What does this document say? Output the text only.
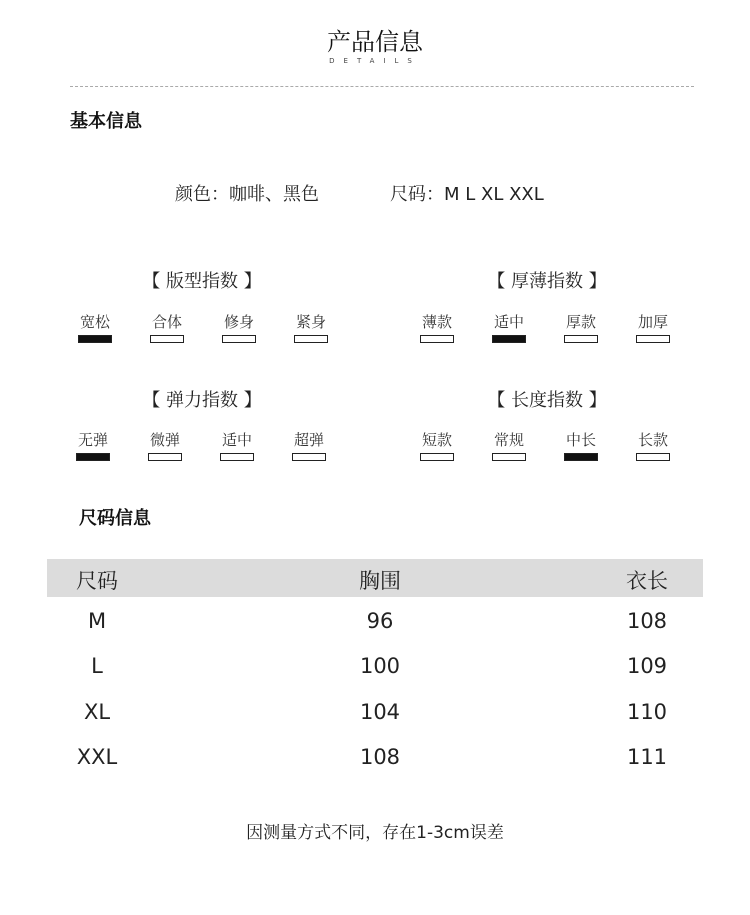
产品信息
DETAILS
基本信息
颜色：咖啡、黑色	尺码：M L XL XXL
【 版型指数 】
宽松	合体	修身	紧身
【 厚薄指数 】
薄款	适中	厚款	加厚
【 弹力指数 】
无弹	微弹	适中	超弹
【 长度指数 】
短款	常规	中长	长款
尺码信息
尺码	胸围	衣长
M	96	108
L	100	109
XL	104	110
XXL	108	111
因测量方式不同，存在1-3cm误差
